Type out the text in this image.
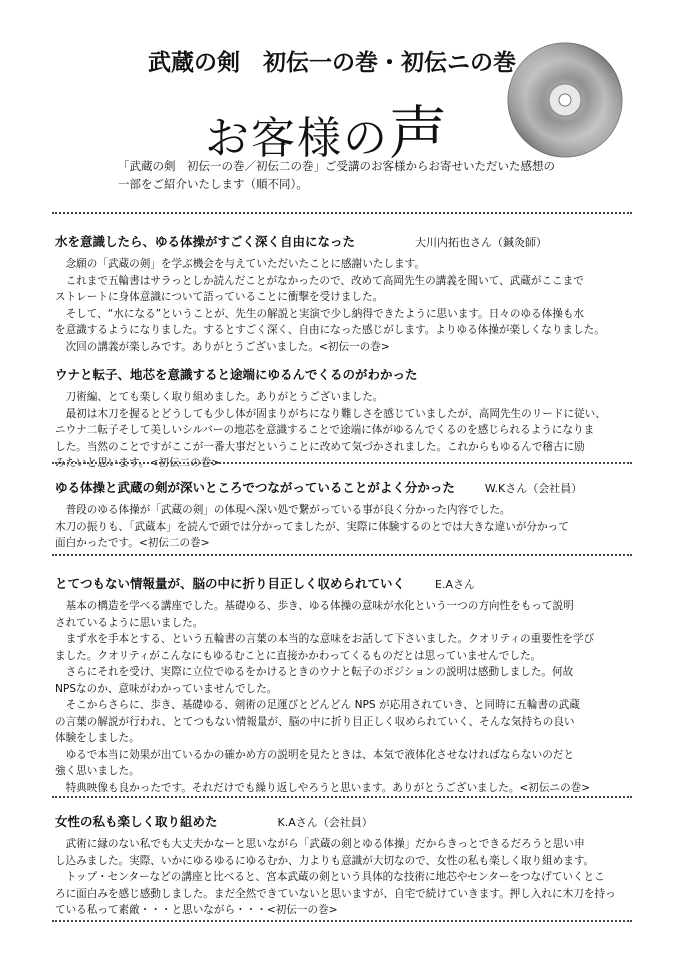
武蔵の剣　初伝一の巻・初伝ニの巻
お客様の声
「武蔵の剣　初伝一の巻／初伝二の巻」ご受講のお客様からお寄せいただいた感想の
一部をご紹介いたします（順不同）。
水を意識したら、ゆる体操がすごく深く自由になった	大川内拓也さん（鍼灸師）
　念願の「武蔵の剣」を学ぶ機会を与えていただいたことに感謝いたします。
　これまで五輪書はサラっとしか読んだことがなかったので、改めて高岡先生の講義を聞いて、武蔵がここまで
ストレートに身体意識について語っていることに衝撃を受けました。
　そして、“水になる”ということが、先生の解説と実演で少し納得できたように思います。日々のゆる体操も水
を意識するようになりました。するとすごく深く、自由になった感じがします。よりゆる体操が楽しくなりました。
　次回の講義が楽しみです。ありがとうございました。<初伝一の巻>
ウナと転子、地芯を意識すると途端にゆるんでくるのがわかった
　刀術編、とても楽しく取り組めました。ありがとうございました。
　最初は木刀を握るとどうしても少し体が固まりがちになり難しさを感じていましたが、高岡先生のリードに従い、
ニウナ二転子そして美しいシルバーの地芯を意識することで途端に体がゆるんでくるのを感じられるようになりま
した。当然のことですがここが一番大事だということに改めて気づかされました。これからもゆるんで稽古に励
みたいと思います。<初伝二の巻>
ゆる体操と武蔵の剣が深いところでつながっていることがよく分かった	W.Kさん（会社員）
　普段のゆる体操が「武蔵の剣」の体現へ深い処で繋がっている事が良く分かった内容でした。
木刀の振りも、「武蔵本」を読んで頭では分かってましたが、実際に体験するのとでは大きな違いが分かって
面白かったです。<初伝二の巻>
とてつもない情報量が、脳の中に折り目正しく収められていく	E.Aさん
　基本の構造を学べる講座でした。基礎ゆる、歩き、ゆる体操の意味が水化という一つの方向性をもって説明
されているように思いました。
　まず水を手本とする、という五輪書の言葉の本当的な意味をお話して下さいました。クオリティの重要性を学び
ました。クオリティがこんなにもゆるむことに直接かかわってくるものだとは思っていませんでした。
　さらにそれを受け、実際に立位でゆるをかけるときのウナと転子のポジションの説明は感動しました。何故
NPSなのか、意味がわかっていませんでした。
　そこからさらに、歩き、基礎ゆる、剣術の足運びとどんどん NPS が応用されていき、と同時に五輪書の武蔵
の言葉の解説が行われ、とてつもない情報量が、脳の中に折り目正しく収められていく、そんな気持ちの良い
体験をしました。
　ゆるで本当に効果が出ているかの確かめ方の説明を見たときは、本気で液体化させなければならないのだと
強く思いました。
　特典映像も良かったです。それだけでも繰り返しやろうと思います。ありがとうございました。<初伝ニの巻>
女性の私も楽しく取り組めた	K.Aさん（会社員）
　武術に縁のない私でも大丈夫かなーと思いながら「武蔵の剣とゆる体操」だからきっとできるだろうと思い申
し込みました。実際、いかにゆるゆるにゆるむか、力よりも意識が大切なので、女性の私も楽しく取り組めます。
　トップ・センターなどの講座と比べると、宮本武蔵の剣という具体的な技術に地芯やセンターをつなげていくとこ
ろに面白みを感じ感動しました。まだ全然できていないと思いますが、自宅で続けていきます。押し入れに木刀を持っ
ている私って素敵・・・と思いながら・・・<初伝一の巻>
